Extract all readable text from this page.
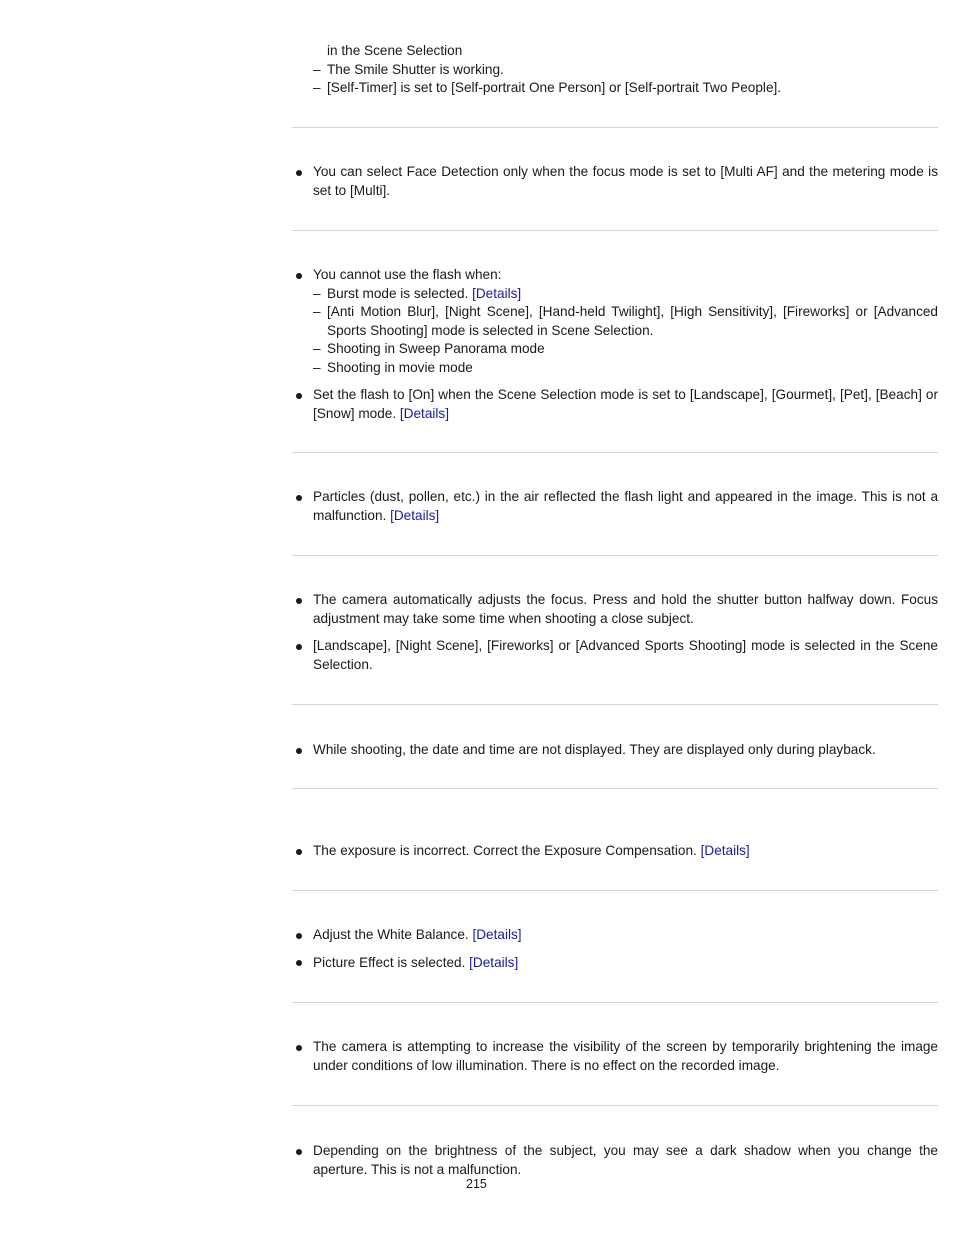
in the Scene Selection
– The Smile Shutter is working.
– [Self-Timer] is set to [Self-portrait One Person] or [Self-portrait Two People].
You can select Face Detection only when the focus mode is set to [Multi AF] and the metering mode is set to [Multi].
You cannot use the flash when:
– Burst mode is selected. [Details]
– [Anti Motion Blur], [Night Scene], [Hand-held Twilight], [High Sensitivity], [Fireworks] or [Advanced Sports Shooting] mode is selected in Scene Selection.
– Shooting in Sweep Panorama mode
– Shooting in movie mode
Set the flash to [On] when the Scene Selection mode is set to [Landscape], [Gourmet], [Pet], [Beach] or [Snow] mode. [Details]
Particles (dust, pollen, etc.) in the air reflected the flash light and appeared in the image. This is not a malfunction. [Details]
The camera automatically adjusts the focus. Press and hold the shutter button halfway down. Focus adjustment may take some time when shooting a close subject.
[Landscape], [Night Scene], [Fireworks] or [Advanced Sports Shooting] mode is selected in the Scene Selection.
While shooting, the date and time are not displayed. They are displayed only during playback.
The exposure is incorrect. Correct the Exposure Compensation. [Details]
Adjust the White Balance. [Details]
Picture Effect is selected. [Details]
The camera is attempting to increase the visibility of the screen by temporarily brightening the image under conditions of low illumination. There is no effect on the recorded image.
Depending on the brightness of the subject, you may see a dark shadow when you change the aperture. This is not a malfunction.
215
